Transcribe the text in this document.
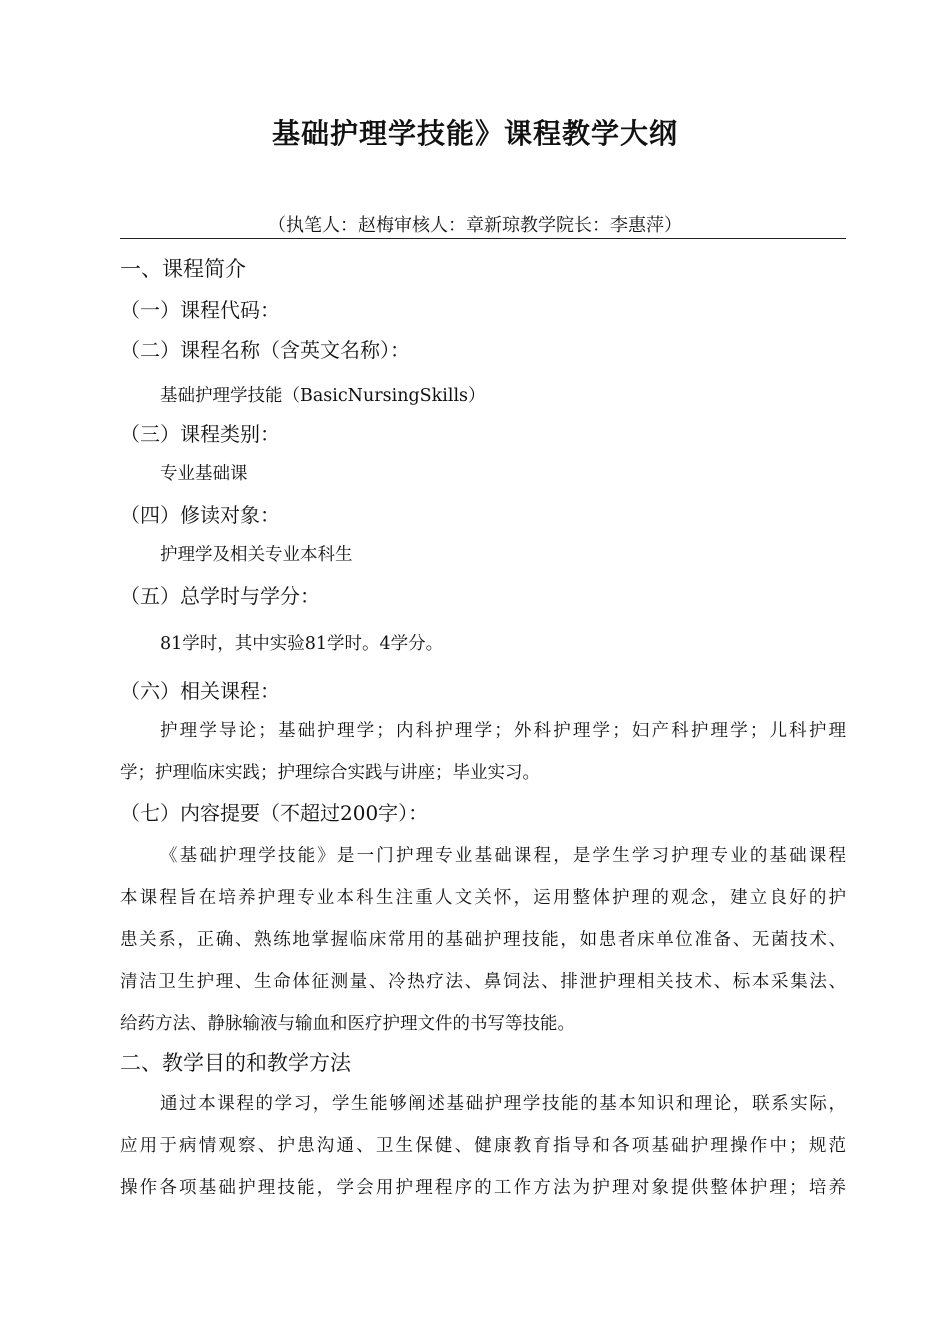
基础护理学技能》课程教学大纲
（执笔人：赵梅审核人：章新琼教学院长：李惠萍）
一、课程简介
（一）课程代码：
（二）课程名称（含英文名称）：
基础护理学技能（BasicNursingSkills）
（三）课程类别：
专业基础课
（四）修读对象：
护理学及相关专业本科生
（五）总学时与学分：
81学时，其中实验81学时。4学分。
（六）相关课程：
护理学导论；基础护理学；内科护理学；外科护理学；妇产科护理学；儿科护理
学；护理临床实践；护理综合实践与讲座；毕业实习。
（七）内容提要（不超过200字）：
《基础护理学技能》是一门护理专业基础课程，是学生学习护理专业的基础课程
本课程旨在培养护理专业本科生注重人文关怀，运用整体护理的观念，建立良好的护
患关系，正确、熟练地掌握临床常用的基础护理技能，如患者床单位准备、无菌技术、
清洁卫生护理、生命体征测量、冷热疗法、鼻饲法、排泄护理相关技术、标本采集法、
给药方法、静脉输液与输血和医疗护理文件的书写等技能。
二、教学目的和教学方法
通过本课程的学习，学生能够阐述基础护理学技能的基本知识和理论，联系实际，
应用于病情观察、护患沟通、卫生保健、健康教育指导和各项基础护理操作中；规范
操作各项基础护理技能，学会用护理程序的工作方法为护理对象提供整体护理；培养
